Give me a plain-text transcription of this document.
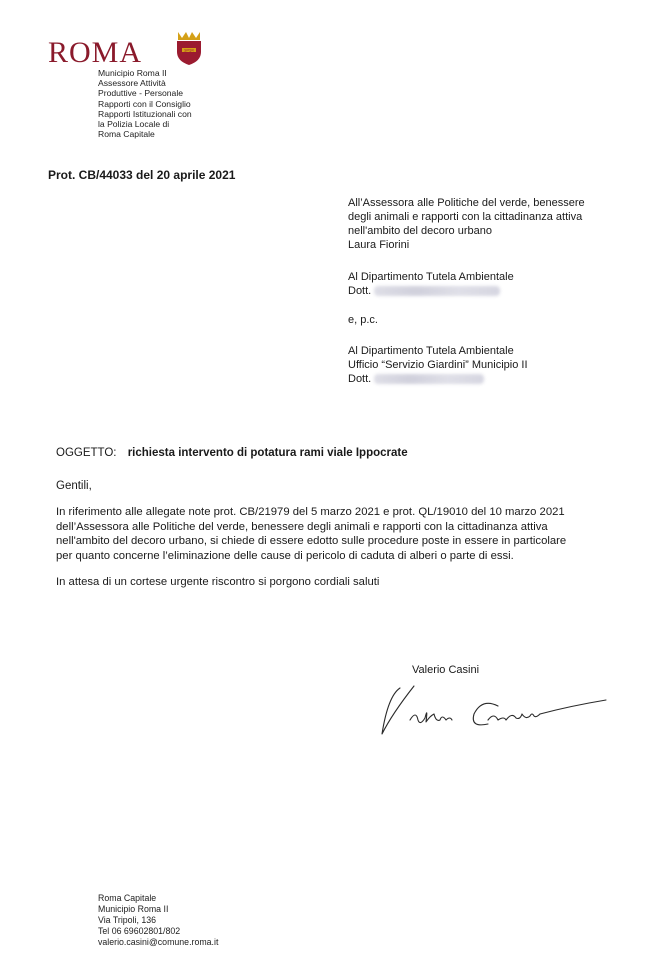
ROMA	SPQR
Municipio Roma II
Assessore Attività
Produttive - Personale
Rapporti con il Consiglio
Rapporti Istituzionali con
la Polizia Locale di
Roma Capitale
Prot. CB/44033 del 20 aprile 2021
All’Assessora alle Politiche del verde, benessere
degli animali e rapporti con la cittadinanza attiva
nell'ambito del decoro urbano
Laura Fiorini
Al Dipartimento Tutela Ambientale
Dott.
e, p.c.
Al Dipartimento Tutela Ambientale
Ufficio “Servizio Giardini” Municipio II
Dott.
OGGETTO: richiesta intervento di potatura rami viale Ippocrate
Gentili,
In riferimento alle allegate note prot. CB/21979 del 5 marzo 2021 e prot. QL/19010 del 10 marzo 2021
dell’Assessora alle Politiche del verde, benessere degli animali e rapporti con la cittadinanza attiva
nell'ambito del decoro urbano, si chiede di essere edotto sulle procedure poste in essere in particolare
per quanto concerne l’eliminazione delle cause di pericolo di caduta di alberi o parte di essi.
In attesa di un cortese urgente riscontro si porgono cordiali saluti
Valerio Casini
Roma Capitale
Municipio Roma II
Via Tripoli, 136
Tel 06 69602801/802
valerio.casini@comune.roma.it
